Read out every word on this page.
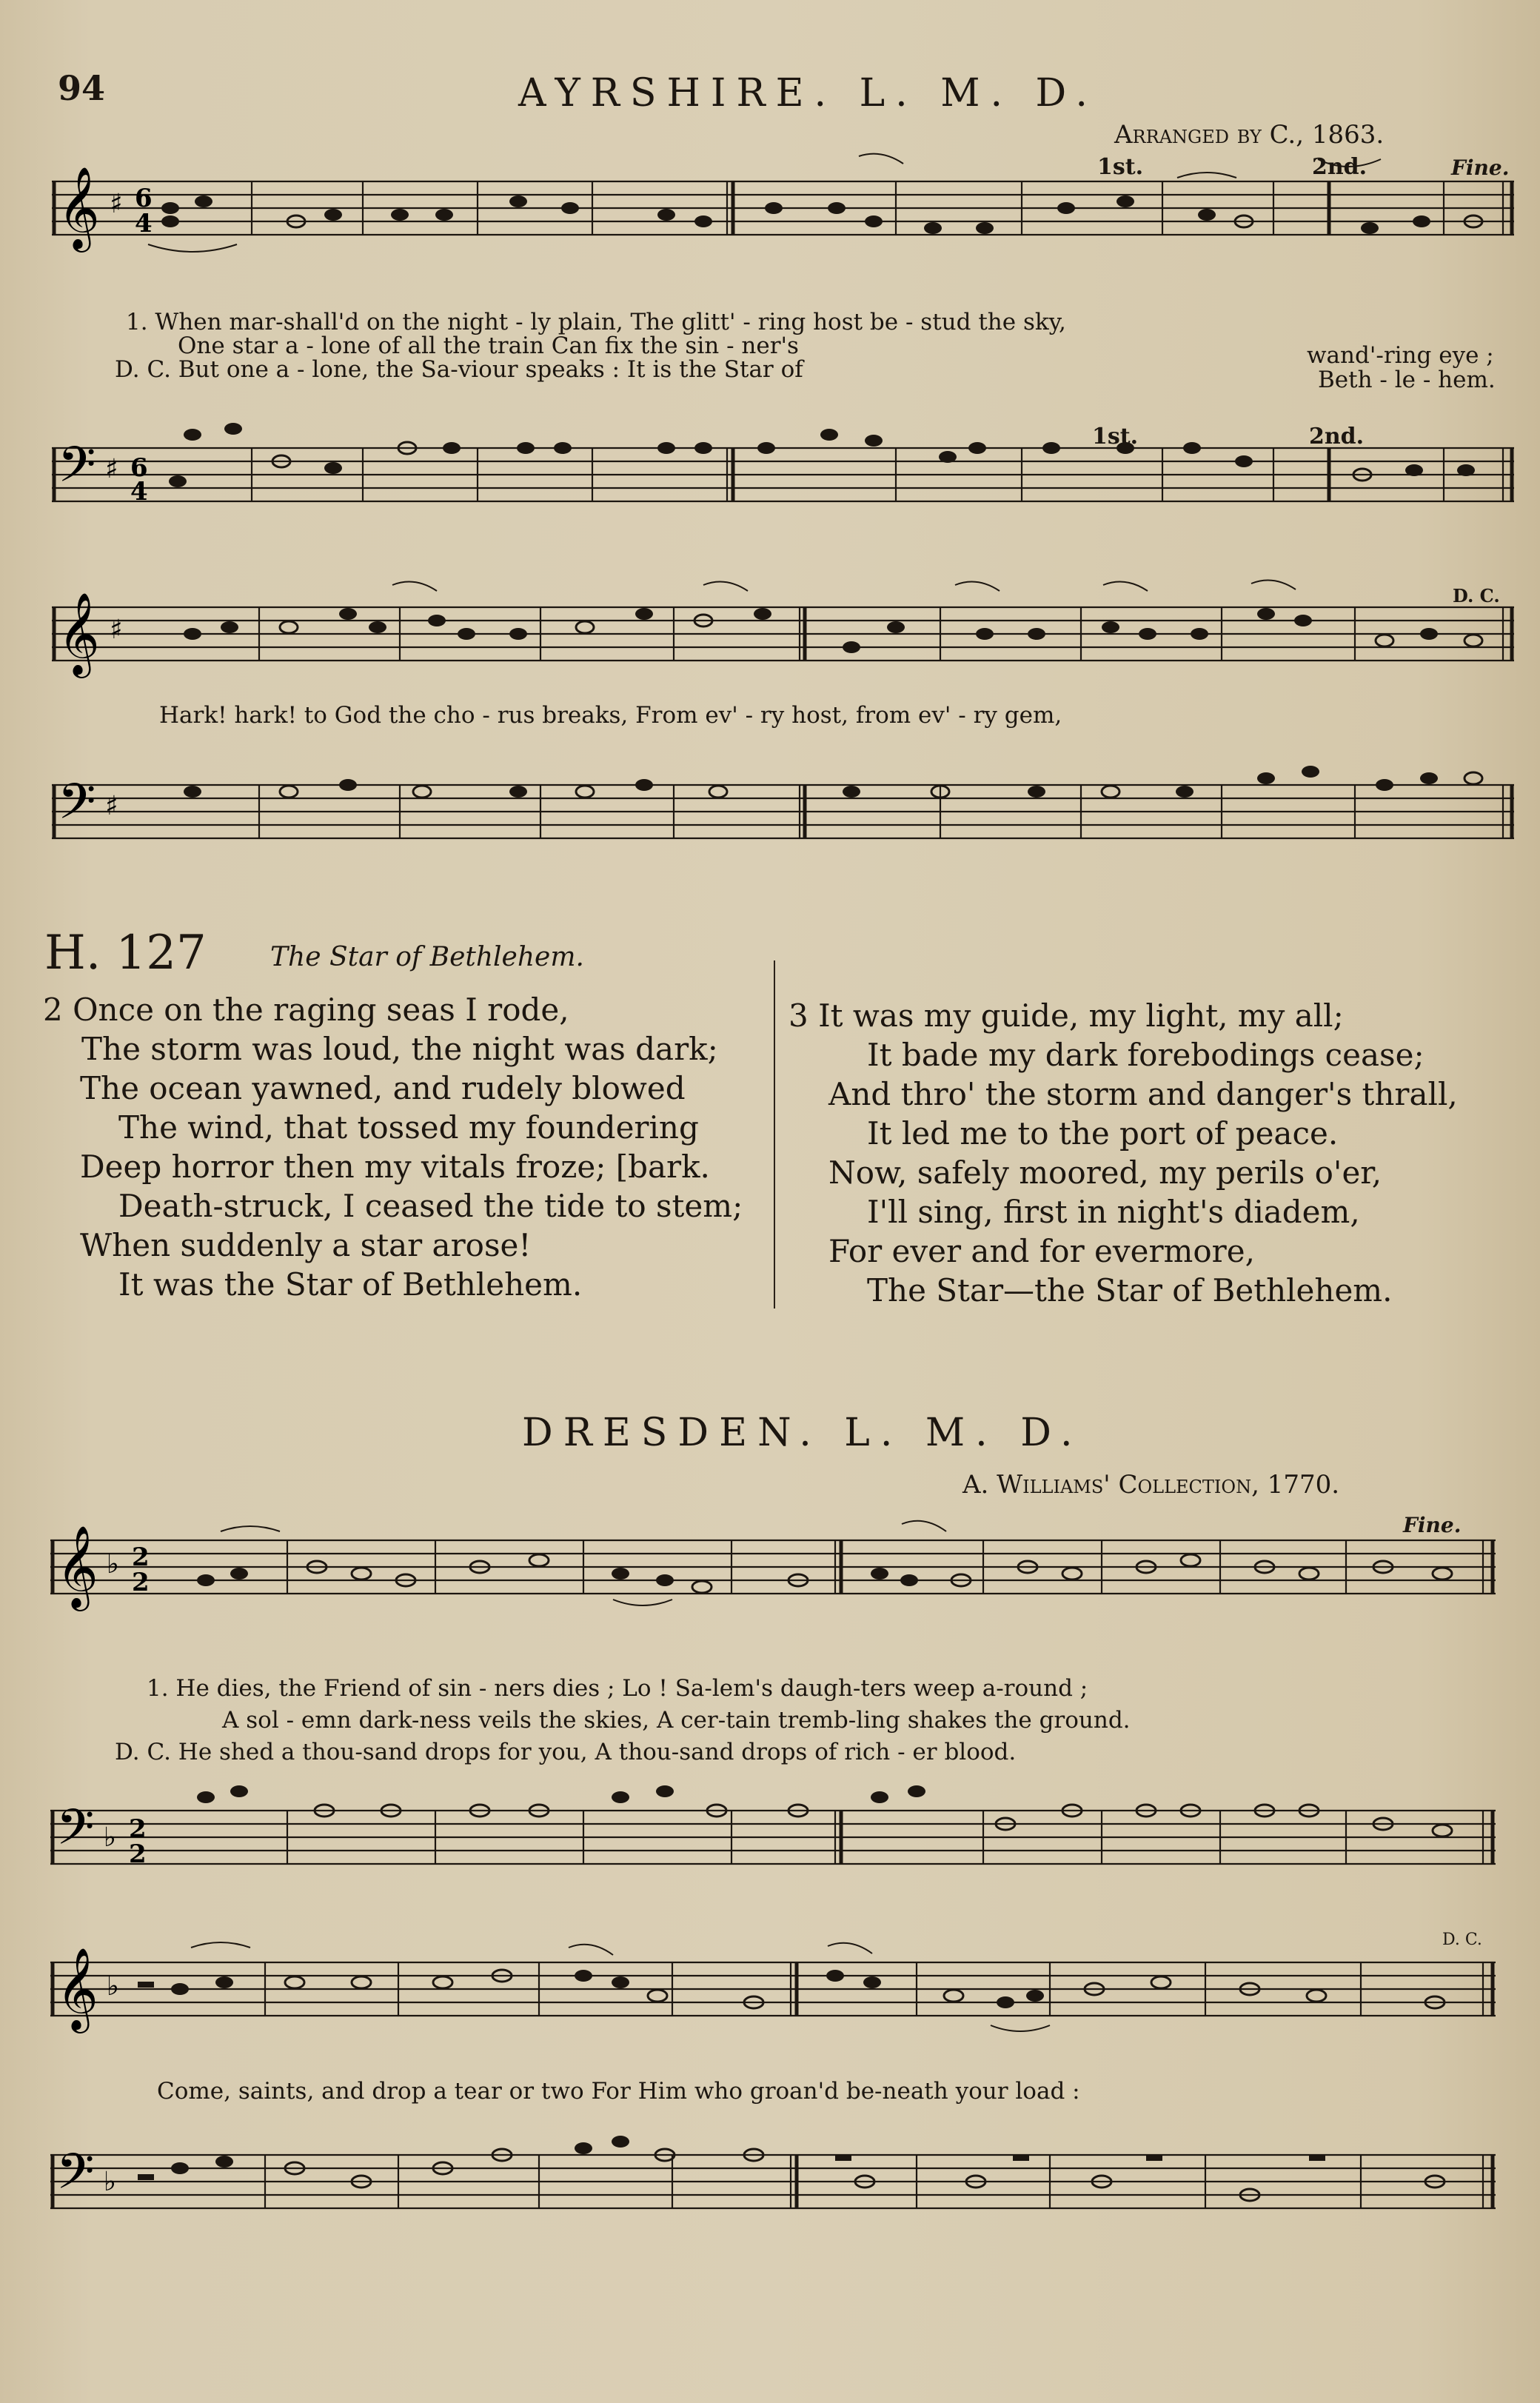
94	AYRSHIRE. L. M. D.
Arranged by C., 1863.
𝄞 ♯ 6
4
1st.	2nd.	Fine.
1. When mar-shall'd on the night - ly plain, The glitt' - ring host be - stud the sky,
One star a - lone of all the train Can fix the sin - ner's
D. C. But one a - lone, the Sa-viour speaks : It is the Star of
wand'-ring eye ;
Beth - le - hem.
𝄢 ♯ 6
4
1st.	2nd.
𝄞 ♯
D. C.
Hark! hark! to God the cho - rus breaks, From ev' - ry host, from ev' - ry gem,
𝄢 ♯
H. 127 The Star of Bethlehem.
2 Once on the raging seas I rode,
The storm was loud, the night was dark;
The ocean yawned, and rudely blowed
The wind, that tossed my foundering
Deep horror then my vitals froze; [bark.
Death-struck, I ceased the tide to stem;
When suddenly a star arose!
It was the Star of Bethlehem.
3 It was my guide, my light, my all;
It bade my dark forebodings cease;
And thro' the storm and danger's thrall,
It led me to the port of peace.
Now, safely moored, my perils o'er,
I'll sing, first in night's diadem,
For ever and for evermore,
The Star—the Star of Bethlehem.
DRESDEN. L. M. D.
A. Williams' Collection, 1770.
Fine.
𝄞 ♭ 2
2
1. He dies, the Friend of sin - ners dies ; Lo ! Sa-lem's daugh-ters weep a-round ;
A sol - emn dark-ness veils the skies, A cer-tain tremb-ling shakes the ground.
D. C. He shed a thou-sand drops for you, A thou-sand drops of rich - er blood.
𝄢 ♭ 2
2
𝄞 ♭
D. C.
Come, saints, and drop a tear or two For Him who groan'd be-neath your load :
𝄢 ♭
